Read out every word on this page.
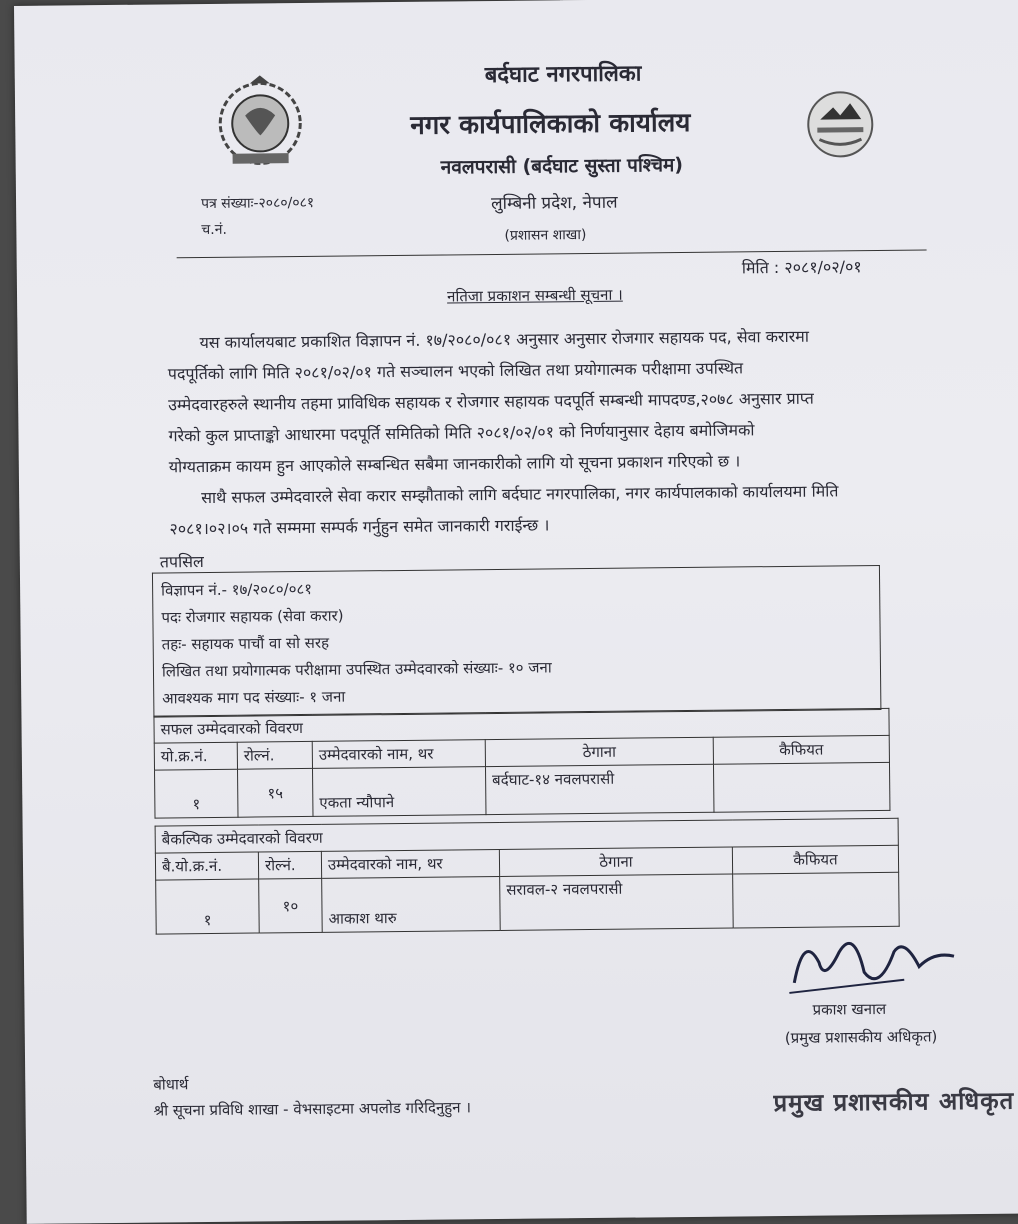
बर्दघाट नगरपालिका
नगर कार्यपालिकाको कार्यालय
नवलपरासी (बर्दघाट सुस्ता पश्चिम)
लुम्बिनी प्रदेश, नेपाल
(प्रशासन शाखा)
पत्र संख्याः-२०८०/०८१
च.नं.
मिति : २०८१/०२/०१
नतिजा प्रकाशन सम्बन्धी सूचना ।
यस कार्यालयबाट प्रकाशित विज्ञापन नं. १७/२०८०/०८१ अनुसार अनुसार रोजगार सहायक पद, सेवा करारमा
पदपूर्तिको लागि मिति २०८१/०२/०१ गते सञ्चालन भएको लिखित तथा प्रयोगात्मक परीक्षामा उपस्थित
उम्मेदवारहरुले स्थानीय तहमा प्राविधिक सहायक र रोजगार सहायक पदपूर्ति सम्बन्धी मापदण्ड,२०७८ अनुसार प्राप्त
गरेको कुल प्राप्ताङ्को आधारमा पदपूर्ति समितिको मिति २०८१/०२/०१ को निर्णयानुसार देहाय बमोजिमको
योग्यताक्रम कायम हुन आएकोले सम्बन्धित सबैमा जानकारीको लागि यो सूचना प्रकाशन गरिएको छ ।
साथै सफल उम्मेदवारले सेवा करार सम्झौताको लागि बर्दघाट नगरपालिका, नगर कार्यपालकाको कार्यालयमा मिति
२०८१।०२।०५ गते सम्ममा सम्पर्क गर्नुहुन समेत जानकारी गराईन्छ ।
तपसिल
विज्ञापन नं.- १७/२०८०/०८१
पदः रोजगार सहायक (सेवा करार)
तहः- सहायक पाचौं वा सो सरह
लिखित तथा प्रयोगात्मक परीक्षामा उपस्थित उम्मेदवारको संख्याः- १० जना
आवश्यक माग पद संख्याः- १ जना
सफल उम्मेदवारको विवरण				
यो.क्र.नं.	रोल्नं.	उम्मेदवारको नाम, थर	ठेगाना	कैफियत
१	१५	एकता न्यौपाने	बर्दघाट-१४ नवलपरासी	
बैकल्पिक उम्मेदवारको विवरण				
बै.यो.क्र.नं.	रोल्नं.	उम्मेदवारको नाम, थर	ठेगाना	कैफियत
१	१०	आकाश थारु	सरावल-२ नवलपरासी	
प्रकाश खनाल
(प्रमुख प्रशासकीय अधिकृत)
बोधार्थ
श्री सूचना प्रविधि शाखा - वेभसाइटमा अपलोड गरिदिनुहुन ।	प्रमुख प्रशासकीय अधिकृत
